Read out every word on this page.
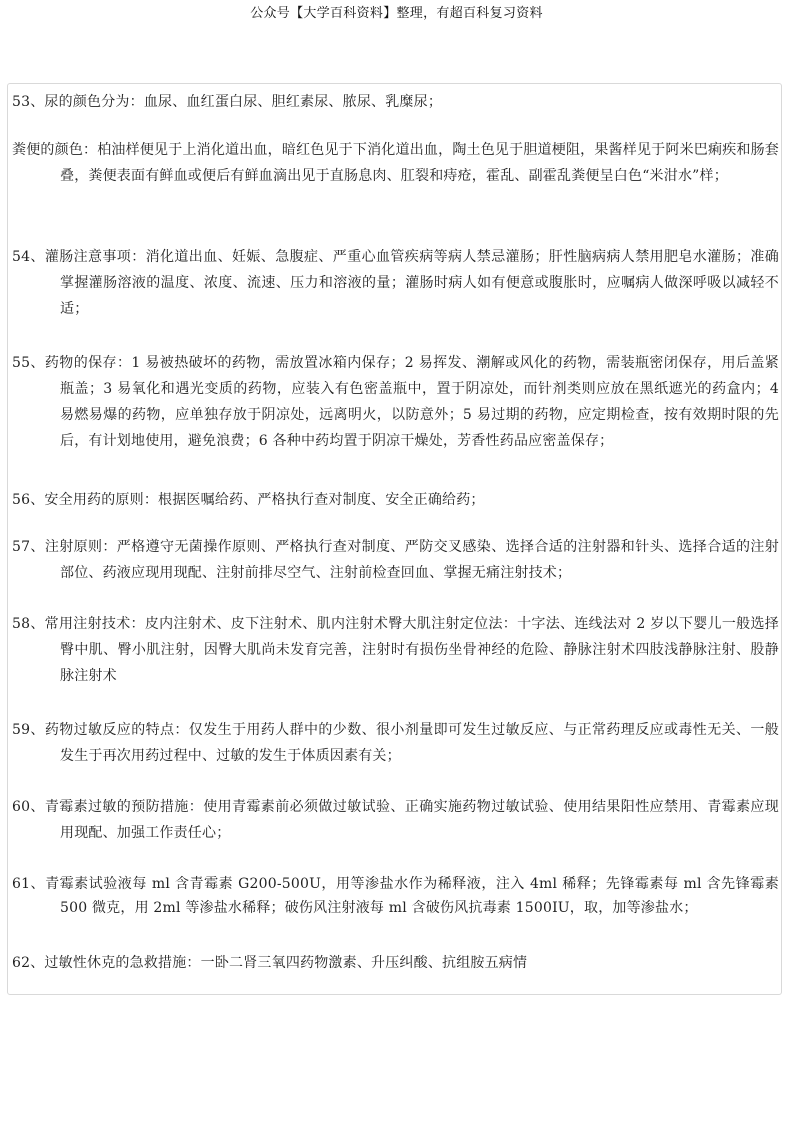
公众号【大学百科资料】整理，有超百科复习资料
53、尿的颜色分为：血尿、血红蛋白尿、胆红素尿、脓尿、乳糜尿；
粪便的颜色：柏油样便见于上消化道出血，暗红色见于下消化道出血，陶土色见于胆道梗阻，果酱样见于阿米巴痢疾和肠套叠，粪便表面有鲜血或便后有鲜血滴出见于直肠息肉、肛裂和痔疮，霍乱、副霍乱粪便呈白色“米泔水”样；
54、灌肠注意事项：消化道出血、妊娠、急腹症、严重心血管疾病等病人禁忌灌肠；肝性脑病病人禁用肥皂水灌肠；准确掌握灌肠溶液的温度、浓度、流速、压力和溶液的量；灌肠时病人如有便意或腹胀时，应嘱病人做深呼吸以减轻不适；
55、药物的保存：1 易被热破坏的药物，需放置冰箱内保存；2 易挥发、潮解或风化的药物，需装瓶密闭保存，用后盖紧瓶盖；3 易氧化和遇光变质的药物，应装入有色密盖瓶中，置于阴凉处，而针剂类则应放在黑纸遮光的药盒内；4 易燃易爆的药物，应单独存放于阴凉处，远离明火，以防意外；5 易过期的药物，应定期检查，按有效期时限的先后，有计划地使用，避免浪费；6 各种中药均置于阴凉干燥处，芳香性药品应密盖保存；
56、安全用药的原则：根据医嘱给药、严格执行查对制度、安全正确给药；
57、注射原则：严格遵守无菌操作原则、严格执行查对制度、严防交叉感染、选择合适的注射器和针头、选择合适的注射部位、药液应现用现配、注射前排尽空气、注射前检查回血、掌握无痛注射技术；
58、常用注射技术：皮内注射术、皮下注射术、肌内注射术臀大肌注射定位法：十字法、连线法对 2 岁以下婴儿一般选择臀中肌、臀小肌注射，因臀大肌尚未发育完善，注射时有损伤坐骨神经的危险、静脉注射术四肢浅静脉注射、股静脉注射术
59、药物过敏反应的特点：仅发生于用药人群中的少数、很小剂量即可发生过敏反应、与正常药理反应或毒性无关、一般发生于再次用药过程中、过敏的发生于体质因素有关；
60、青霉素过敏的预防措施：使用青霉素前必须做过敏试验、正确实施药物过敏试验、使用结果阳性应禁用、青霉素应现用现配、加强工作责任心；
61、青霉素试验液每 ml 含青霉素 G200-500U，用等渗盐水作为稀释液，注入 4ml 稀释；先锋霉素每 ml 含先锋霉素 500 微克，用 2ml 等渗盐水稀释；破伤风注射液每 ml 含破伤风抗毒素 1500IU，取，加等渗盐水；
62、过敏性休克的急救措施：一卧二肾三氧四药物激素、升压纠酸、抗组胺五病情
